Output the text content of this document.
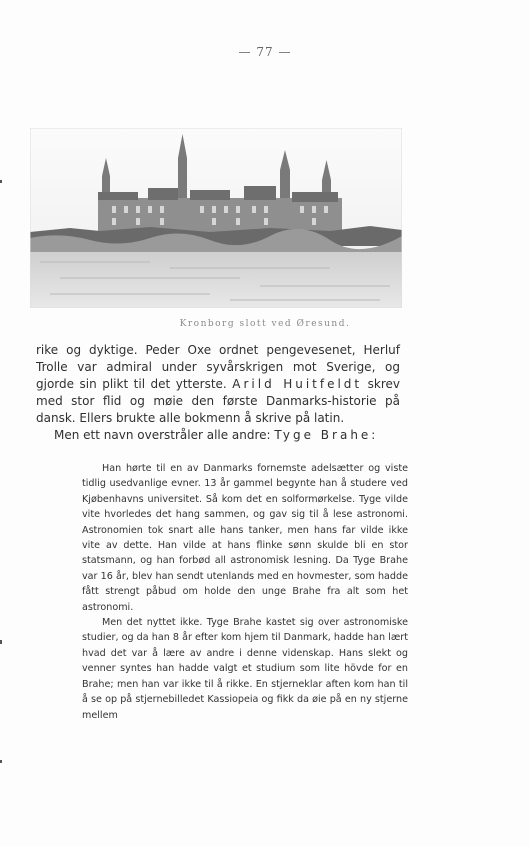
— 77 —
Kronborg slott ved Øresund.

rike og dyktige. Peder Oxe ordnet pengevesenet, Herluf Trolle var admiral under syvårskrigen mot Sverige, og gjorde sin plikt til det ytterste. Arild Huitfeldt skrev med stor flid og møie den første Danmarks-historie på dansk. Ellers brukte alle bokmenn å skrive på latin.

Men ett navn overstråler alle andre: Tyge Brahe:

Han hørte til en av Danmarks fornemste adelsætter og viste tidlig usedvanlige evner. 13 år gammel begynte han å studere ved Kjøbenhavns universitet. Så kom det en solformørkelse. Tyge vilde vite hvorledes det hang sammen, og gav sig til å lese astronomi. Astronomien tok snart alle hans tanker, men hans far vilde ikke vite av dette. Han vilde at hans flinke sønn skulde bli en stor statsmann, og han forbød all astronomisk lesning. Da Tyge Brahe var 16 år, blev han sendt utenlands med en hovmester, som hadde fått strengt påbud om holde den unge Brahe fra alt som het astronomi.

Men det nyttet ikke. Tyge Brahe kastet sig over astronomiske studier, og da han 8 år efter kom hjem til Danmark, hadde han lært hvad det var å lære av andre i denne videnskap. Hans slekt og venner syntes han hadde valgt et studium som lite hövde for en Brahe; men han var ikke til å rikke. En stjerneklar aften kom han til å se op på stjernebilledet Kassiopeia og fikk da øie på en ny stjerne mellem
